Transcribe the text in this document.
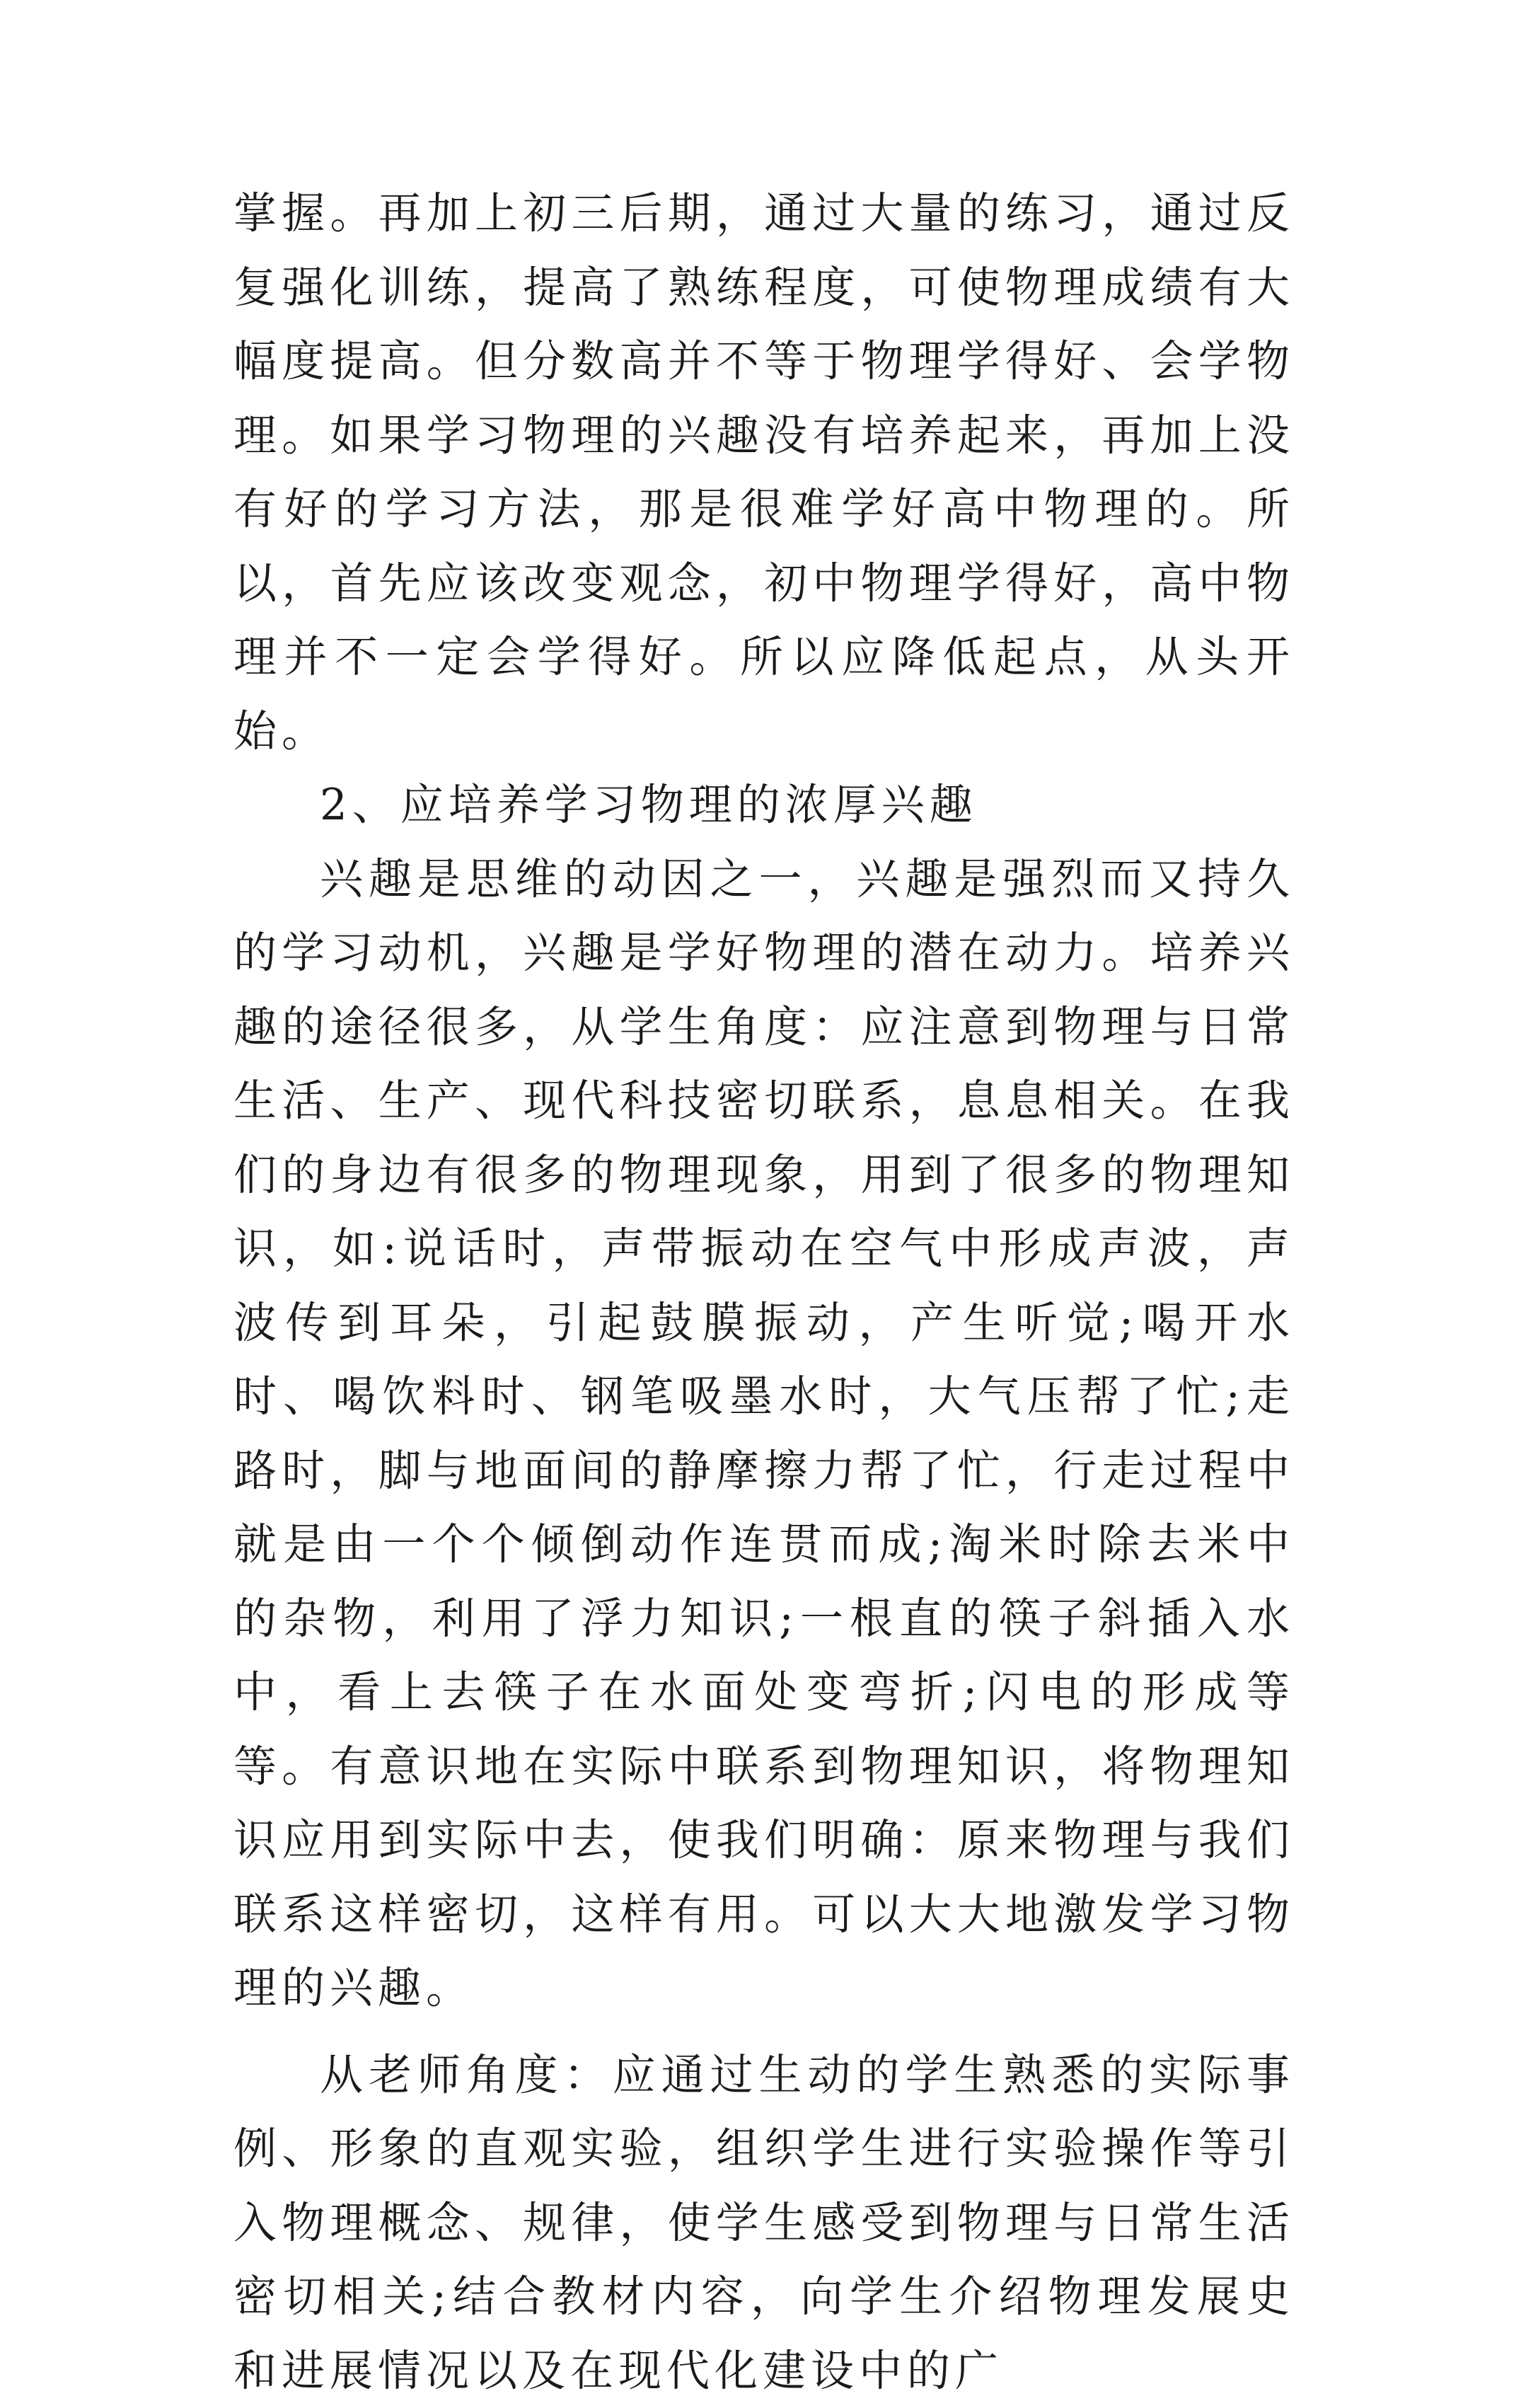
掌握。再加上初三后期，通过大量的练习，通过反复强化训练，提高了熟练程度，可使物理成绩有大幅度提高。但分数高并不等于物理学得好、会学物理。如果学习物理的兴趣没有培养起来，再加上没有好的学习方法，那是很难学好高中物理的。所以，首先应该改变观念，初中物理学得好，高中物理并不一定会学得好。所以应降低起点，从头开始。

2、应培养学习物理的浓厚兴趣

兴趣是思维的动因之一，兴趣是强烈而又持久的学习动机，兴趣是学好物理的潜在动力。培养兴趣的途径很多，从学生角度：应注意到物理与日常生活、生产、现代科技密切联系，息息相关。在我们的身边有很多的物理现象，用到了很多的物理知识，如:说话时，声带振动在空气中形成声波，声波传到耳朵，引起鼓膜振动，产生听觉;喝开水时、喝饮料时、钢笔吸墨水时，大气压帮了忙;走路时，脚与地面间的静摩擦力帮了忙，行走过程中就是由一个个倾倒动作连贯而成;淘米时除去米中的杂物，利用了浮力知识;一根直的筷子斜插入水中，看上去筷子在水面处变弯折;闪电的形成等等。有意识地在实际中联系到物理知识，将物理知识应用到实际中去，使我们明确：原来物理与我们联系这样密切，这样有用。可以大大地激发学习物理的兴趣。

从老师角度：应通过生动的学生熟悉的实际事例、形象的直观实验，组织学生进行实验操作等引入物理概念、规律，使学生感受到物理与日常生活密切相关;结合教材内容，向学生介绍物理发展史和进展情况以及在现代化建设中的广
